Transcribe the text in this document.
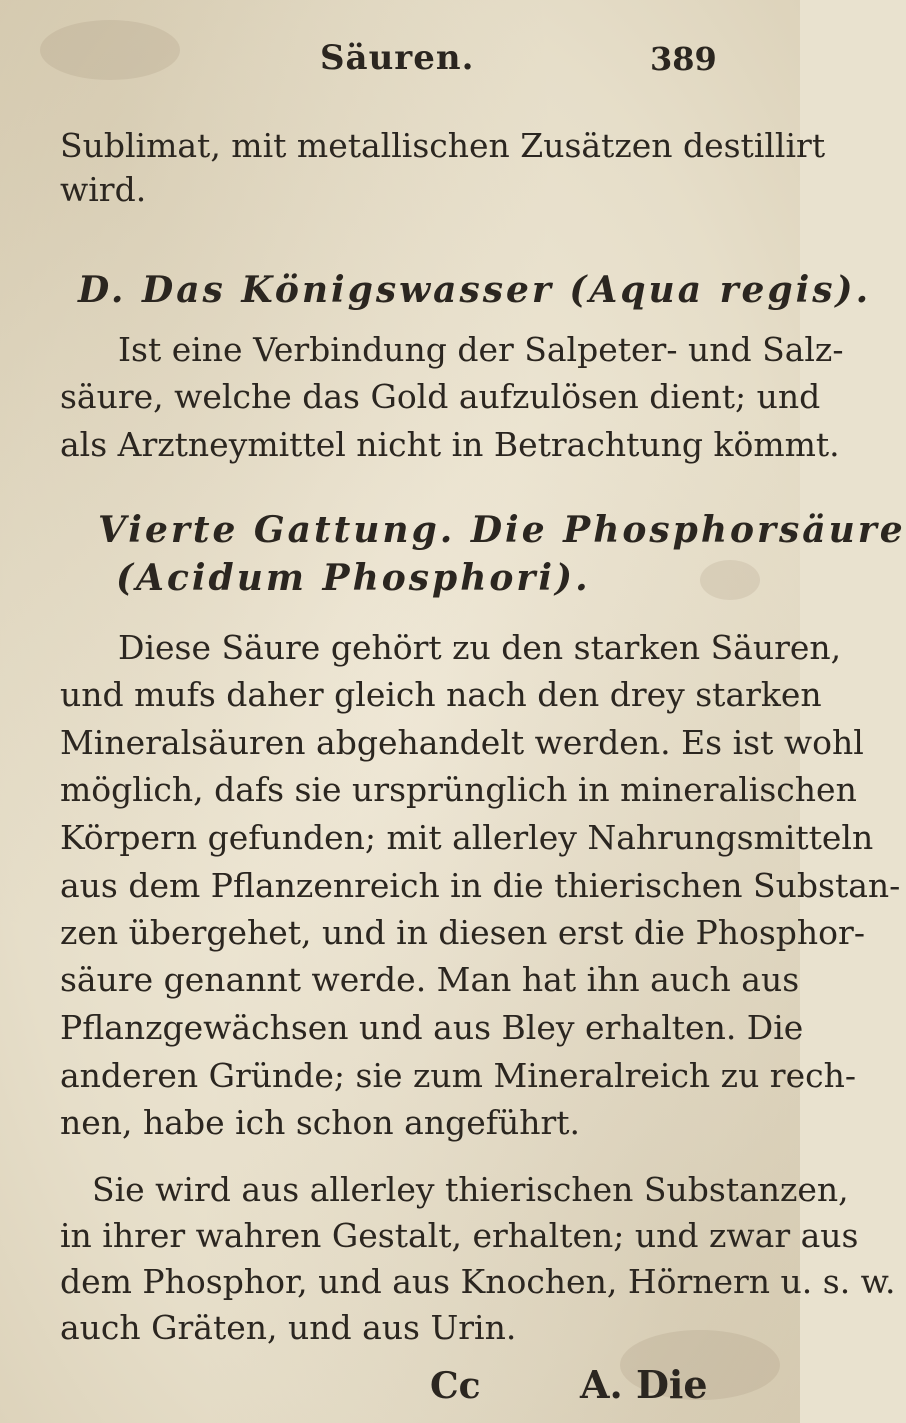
Säuren.	389
Sublimat, mit metallischen Zusätzen destillirt
wird.
D. Das Königswasser (Aqua regis).
Ist eine Verbindung der Salpeter- und Salz-
säure, welche das Gold aufzulösen dient; und
als Arztneymittel nicht in Betrachtung kömmt.
Vierte Gattung. Die Phosphorsäure
(Acidum Phosphori).
Diese Säure gehört zu den starken Säuren,
und mufs daher gleich nach den drey starken
Mineralsäuren abgehandelt werden. Es ist wohl
möglich, dafs sie ursprünglich in mineralischen
Körpern gefunden; mit allerley Nahrungsmitteln
aus dem Pflanzenreich in die thierischen Substan-
zen übergehet, und in diesen erst die Phosphor-
säure genannt werde. Man hat ihn auch aus
Pflanzgewächsen und aus Bley erhalten. Die
anderen Gründe; sie zum Mineralreich zu rech-
nen, habe ich schon angeführt.
Sie wird aus allerley thierischen Substanzen,
in ihrer wahren Gestalt, erhalten; und zwar aus
dem Phosphor, und aus Knochen, Hörnern u. s. w.
auch Gräten, und aus Urin.
Cc	A. Die
